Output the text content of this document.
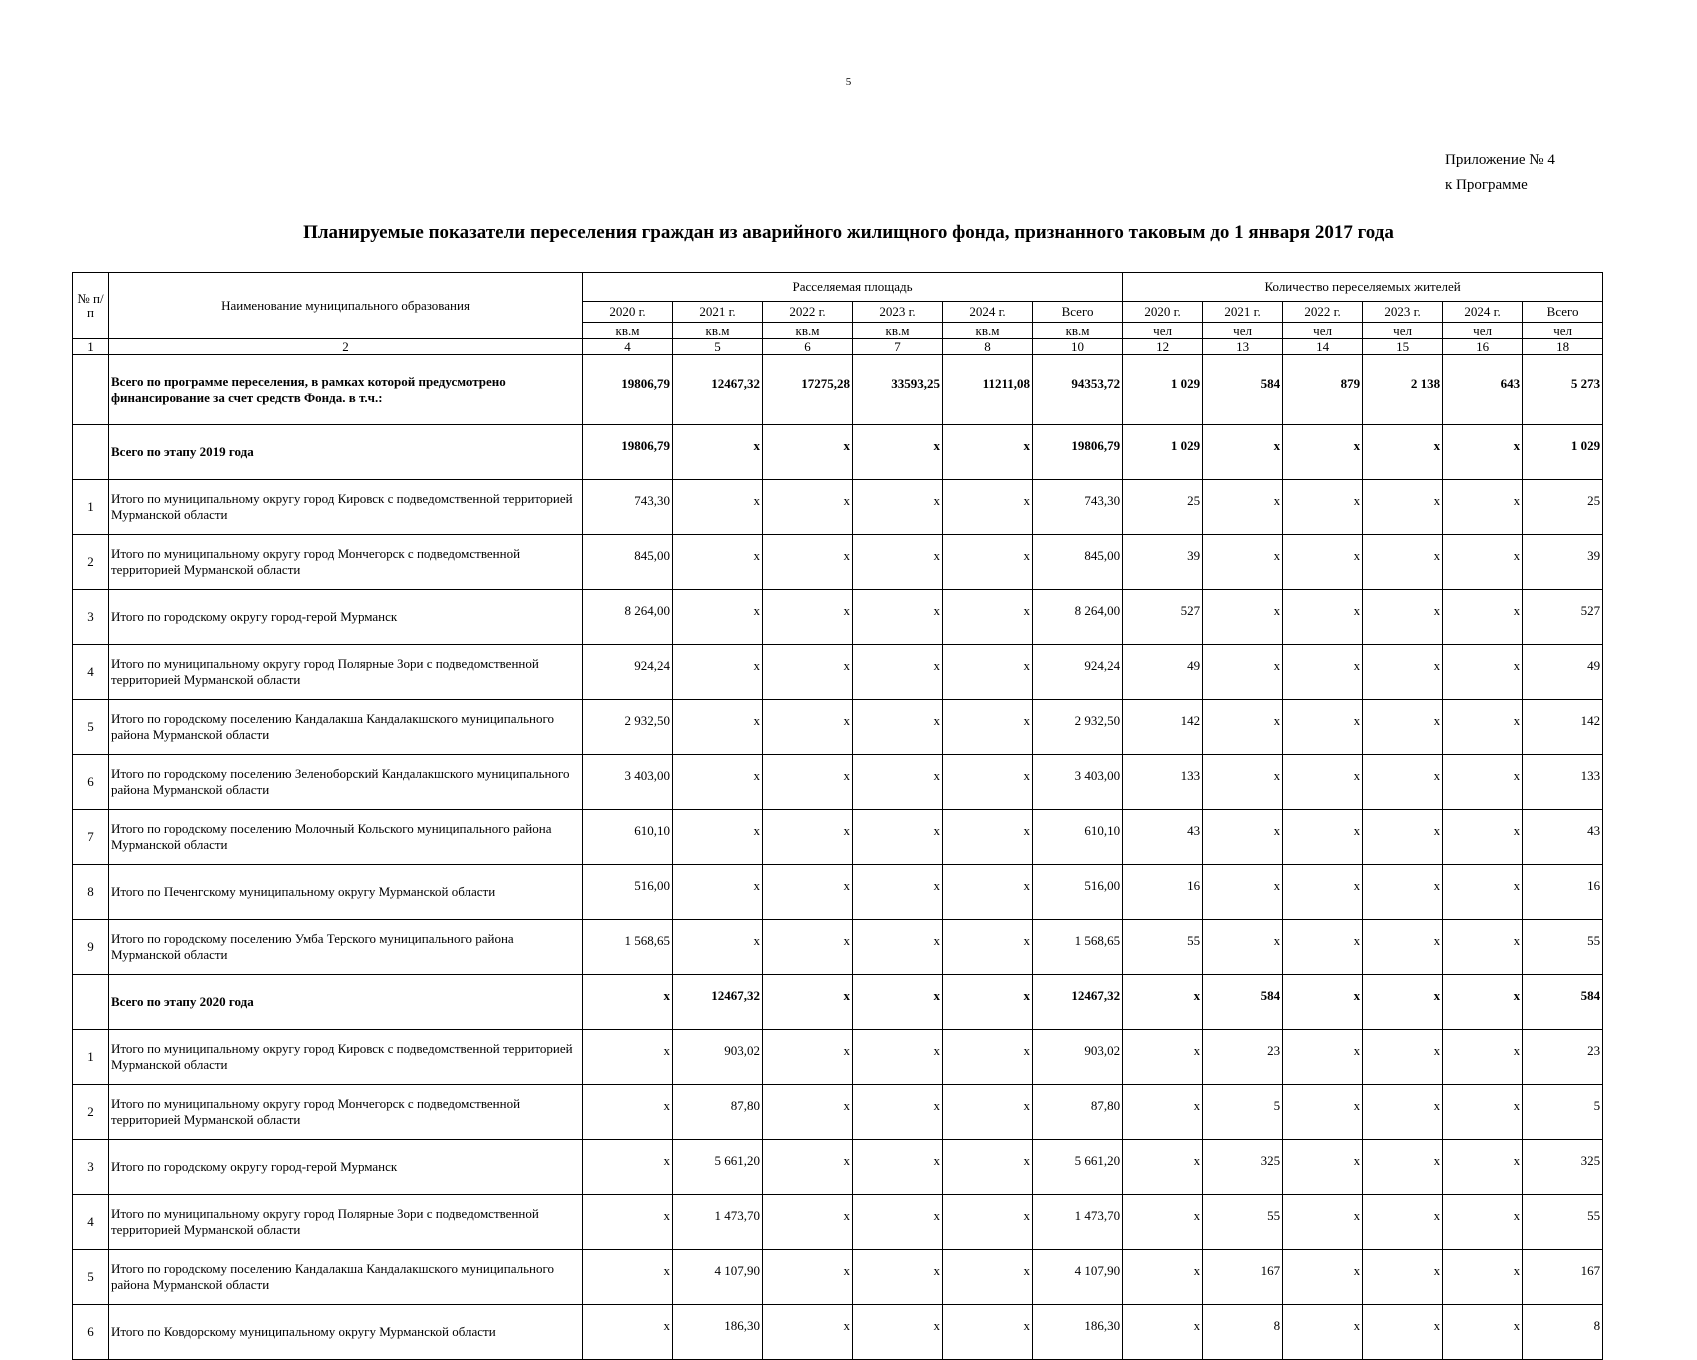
5
Приложение № 4
к Программе
Планируемые показатели переселения граждан из аварийного жилищного фонда, признанного таковым до 1 января 2017 года
№ п/п	Наименование муниципального образования	Расселяемая площадь						Количество переселяемых жителей					
		2020 г.	2021 г.	2022 г.	2023 г.	2024 г.	Всего	2020 г.	2021 г.	2022 г.	2023 г.	2024 г.	Всего
		кв.м	кв.м	кв.м	кв.м	кв.м	кв.м	чел	чел	чел	чел	чел	чел
1	2	4	5	6	7	8	10	12	13	14	15	16	18
	Всего по программе переселения, в рамках которой предусмотрено финансирование за счет средств Фонда. в т.ч.:	19806,79	12467,32	17275,28	33593,25	11211,08	94353,72	1 029	584	879	2 138	643	5 273
	Всего по этапу 2019 года	19806,79	x	x	x	x	19806,79	1 029	x	x	x	x	1 029
1	Итого по муниципальному округу город Кировск с подведомственной территорией Мурманской области	743,30	x	x	x	x	743,30	25	x	x	x	x	25
2	Итого по муниципальному округу город Мончегорск с подведомственной территорией Мурманской области	845,00	x	x	x	x	845,00	39	x	x	x	x	39
3	Итого по городскому округу город-герой Мурманск	8 264,00	x	x	x	x	8 264,00	527	x	x	x	x	527
4	Итого по муниципальному округу город Полярные Зори с подведомственной территорией Мурманской области	924,24	x	x	x	x	924,24	49	x	x	x	x	49
5	Итого по городскому поселению Кандалакша Кандалакшского муниципального района Мурманской области	2 932,50	x	x	x	x	2 932,50	142	x	x	x	x	142
6	Итого по городскому поселению Зеленоборский Кандалакшского муниципального района Мурманской области	3 403,00	x	x	x	x	3 403,00	133	x	x	x	x	133
7	Итого по городскому поселению Молочный Кольского муниципального района Мурманской области	610,10	x	x	x	x	610,10	43	x	x	x	x	43
8	Итого по Печенгскому муниципальному округу Мурманской области	516,00	x	x	x	x	516,00	16	x	x	x	x	16
9	Итого по городскому поселению Умба Терского муниципального района Мурманской области	1 568,65	x	x	x	x	1 568,65	55	x	x	x	x	55
	Всего по этапу 2020 года	x	12467,32	x	x	x	12467,32	x	584	x	x	x	584
1	Итого по муниципальному округу город Кировск с подведомственной территорией Мурманской области	x	903,02	x	x	x	903,02	x	23	x	x	x	23
2	Итого по муниципальному округу город Мончегорск с подведомственной территорией Мурманской области	x	87,80	x	x	x	87,80	x	5	x	x	x	5
3	Итого по городскому округу город-герой Мурманск	x	5 661,20	x	x	x	5 661,20	x	325	x	x	x	325
4	Итого по муниципальному округу город Полярные Зори с подведомственной территорией Мурманской области	x	1 473,70	x	x	x	1 473,70	x	55	x	x	x	55
5	Итого по городскому поселению Кандалакша Кандалакшского муниципального района Мурманской области	x	4 107,90	x	x	x	4 107,90	x	167	x	x	x	167
6	Итого по Ковдорскому муниципальному округу Мурманской области	x	186,30	x	x	x	186,30	x	8	x	x	x	8
